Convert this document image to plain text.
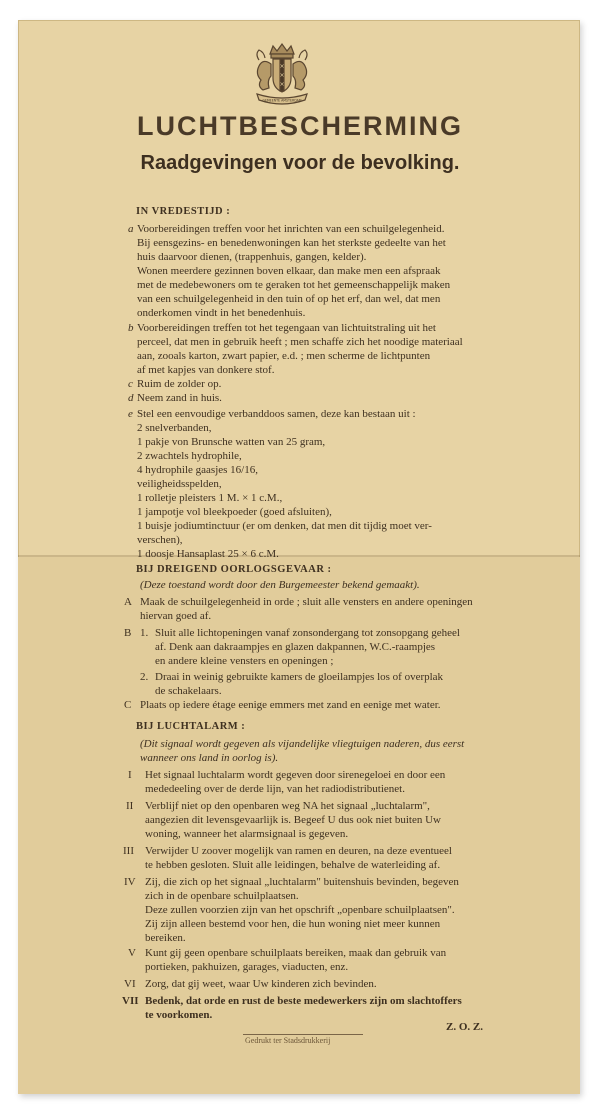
×
×
×
GEMEENTE AMSTERDAM
LUCHTBESCHERMING
Raadgevingen voor de bevolking.
IN VREDESTIJD :
a Voorbereidingen treffen voor het inrichten van een schuilgelegenheid.
Bij eensgezins- en benedenwoningen kan het sterkste gedeelte van het
huis daarvoor dienen, (trappenhuis, gangen, kelder).
Wonen meerdere gezinnen boven elkaar, dan make men een afspraak
met de medebewoners om te geraken tot het gemeenschappelijk maken
van een schuilgelegenheid in den tuin of op het erf, dan wel, dat men
onderkomen vindt in het benedenhuis.
b Voorbereidingen treffen tot het tegengaan van lichtuitstraling uit het
perceel, dat men in gebruik heeft ; men schaffe zich het noodige materiaal
aan, zooals karton, zwart papier, e.d. ; men scherme de lichtpunten
af met kapjes van donkere stof.
c Ruim de zolder op.
d Neem zand in huis.
e Stel een eenvoudige verbanddoos samen, deze kan bestaan uit :
2 snelverbanden,
1 pakje von Brunsche watten van 25 gram,
2 zwachtels hydrophile,
4 hydrophile gaasjes 16/16,
veiligheidsspelden,
1 rolletje pleisters 1 M. × 1 c.M.,
1 jampotje vol bleekpoeder (goed afsluiten),
1 buisje jodiumtinctuur (er om denken, dat men dit tijdig moet ver-
verschen),
1 doosje Hansaplast 25 × 6 c.M.
BIJ DREIGEND OORLOGSGEVAAR :
(Deze toestand wordt door den Burgemeester bekend gemaakt).
A Maak de schuilgelegenheid in orde ; sluit alle vensters en andere openingen
hiervan goed af.
B 1. Sluit alle lichtopeningen vanaf zonsondergang tot zonsopgang geheel
af. Denk aan dakraampjes en glazen dakpannen, W.C.-raampjes
en andere kleine vensters en openingen ;
2. Draai in weinig gebruikte kamers de gloeilampjes los of overplak
de schakelaars.
C Plaats op iedere étage eenige emmers met zand en eenige met water.
BIJ LUCHTALARM :
(Dit signaal wordt gegeven als vijandelijke vliegtuigen naderen, dus eerst
wanneer ons land in oorlog is).
I Het signaal luchtalarm wordt gegeven door sirenegeloei en door een
mededeeling over de derde lijn, van het radiodistributienet.
II Verblijf niet op den openbaren weg NA het signaal „luchtalarm",
aangezien dit levensgevaarlijk is. Begeef U dus ook niet buiten Uw
woning, wanneer het alarmsignaal is gegeven.
III Verwijder U zoover mogelijk van ramen en deuren, na deze eventueel
te hebben gesloten. Sluit alle leidingen, behalve de waterleiding af.
IV Zij, die zich op het signaal „luchtalarm" buitenshuis bevinden, begeven
zich in de openbare schuilplaatsen.
Deze zullen voorzien zijn van het opschrift „openbare schuilplaatsen".
Zij zijn alleen bestemd voor hen, die hun woning niet meer kunnen
bereiken.
V Kunt gij geen openbare schuilplaats bereiken, maak dan gebruik van
portieken, pakhuizen, garages, viaducten, enz.
VI Zorg, dat gij weet, waar Uw kinderen zich bevinden.
VII Bedenk, dat orde en rust de beste medewerkers zijn om slachtoffers
te voorkomen.
Z. O. Z.
Gedrukt ter Stadsdrukkerij
